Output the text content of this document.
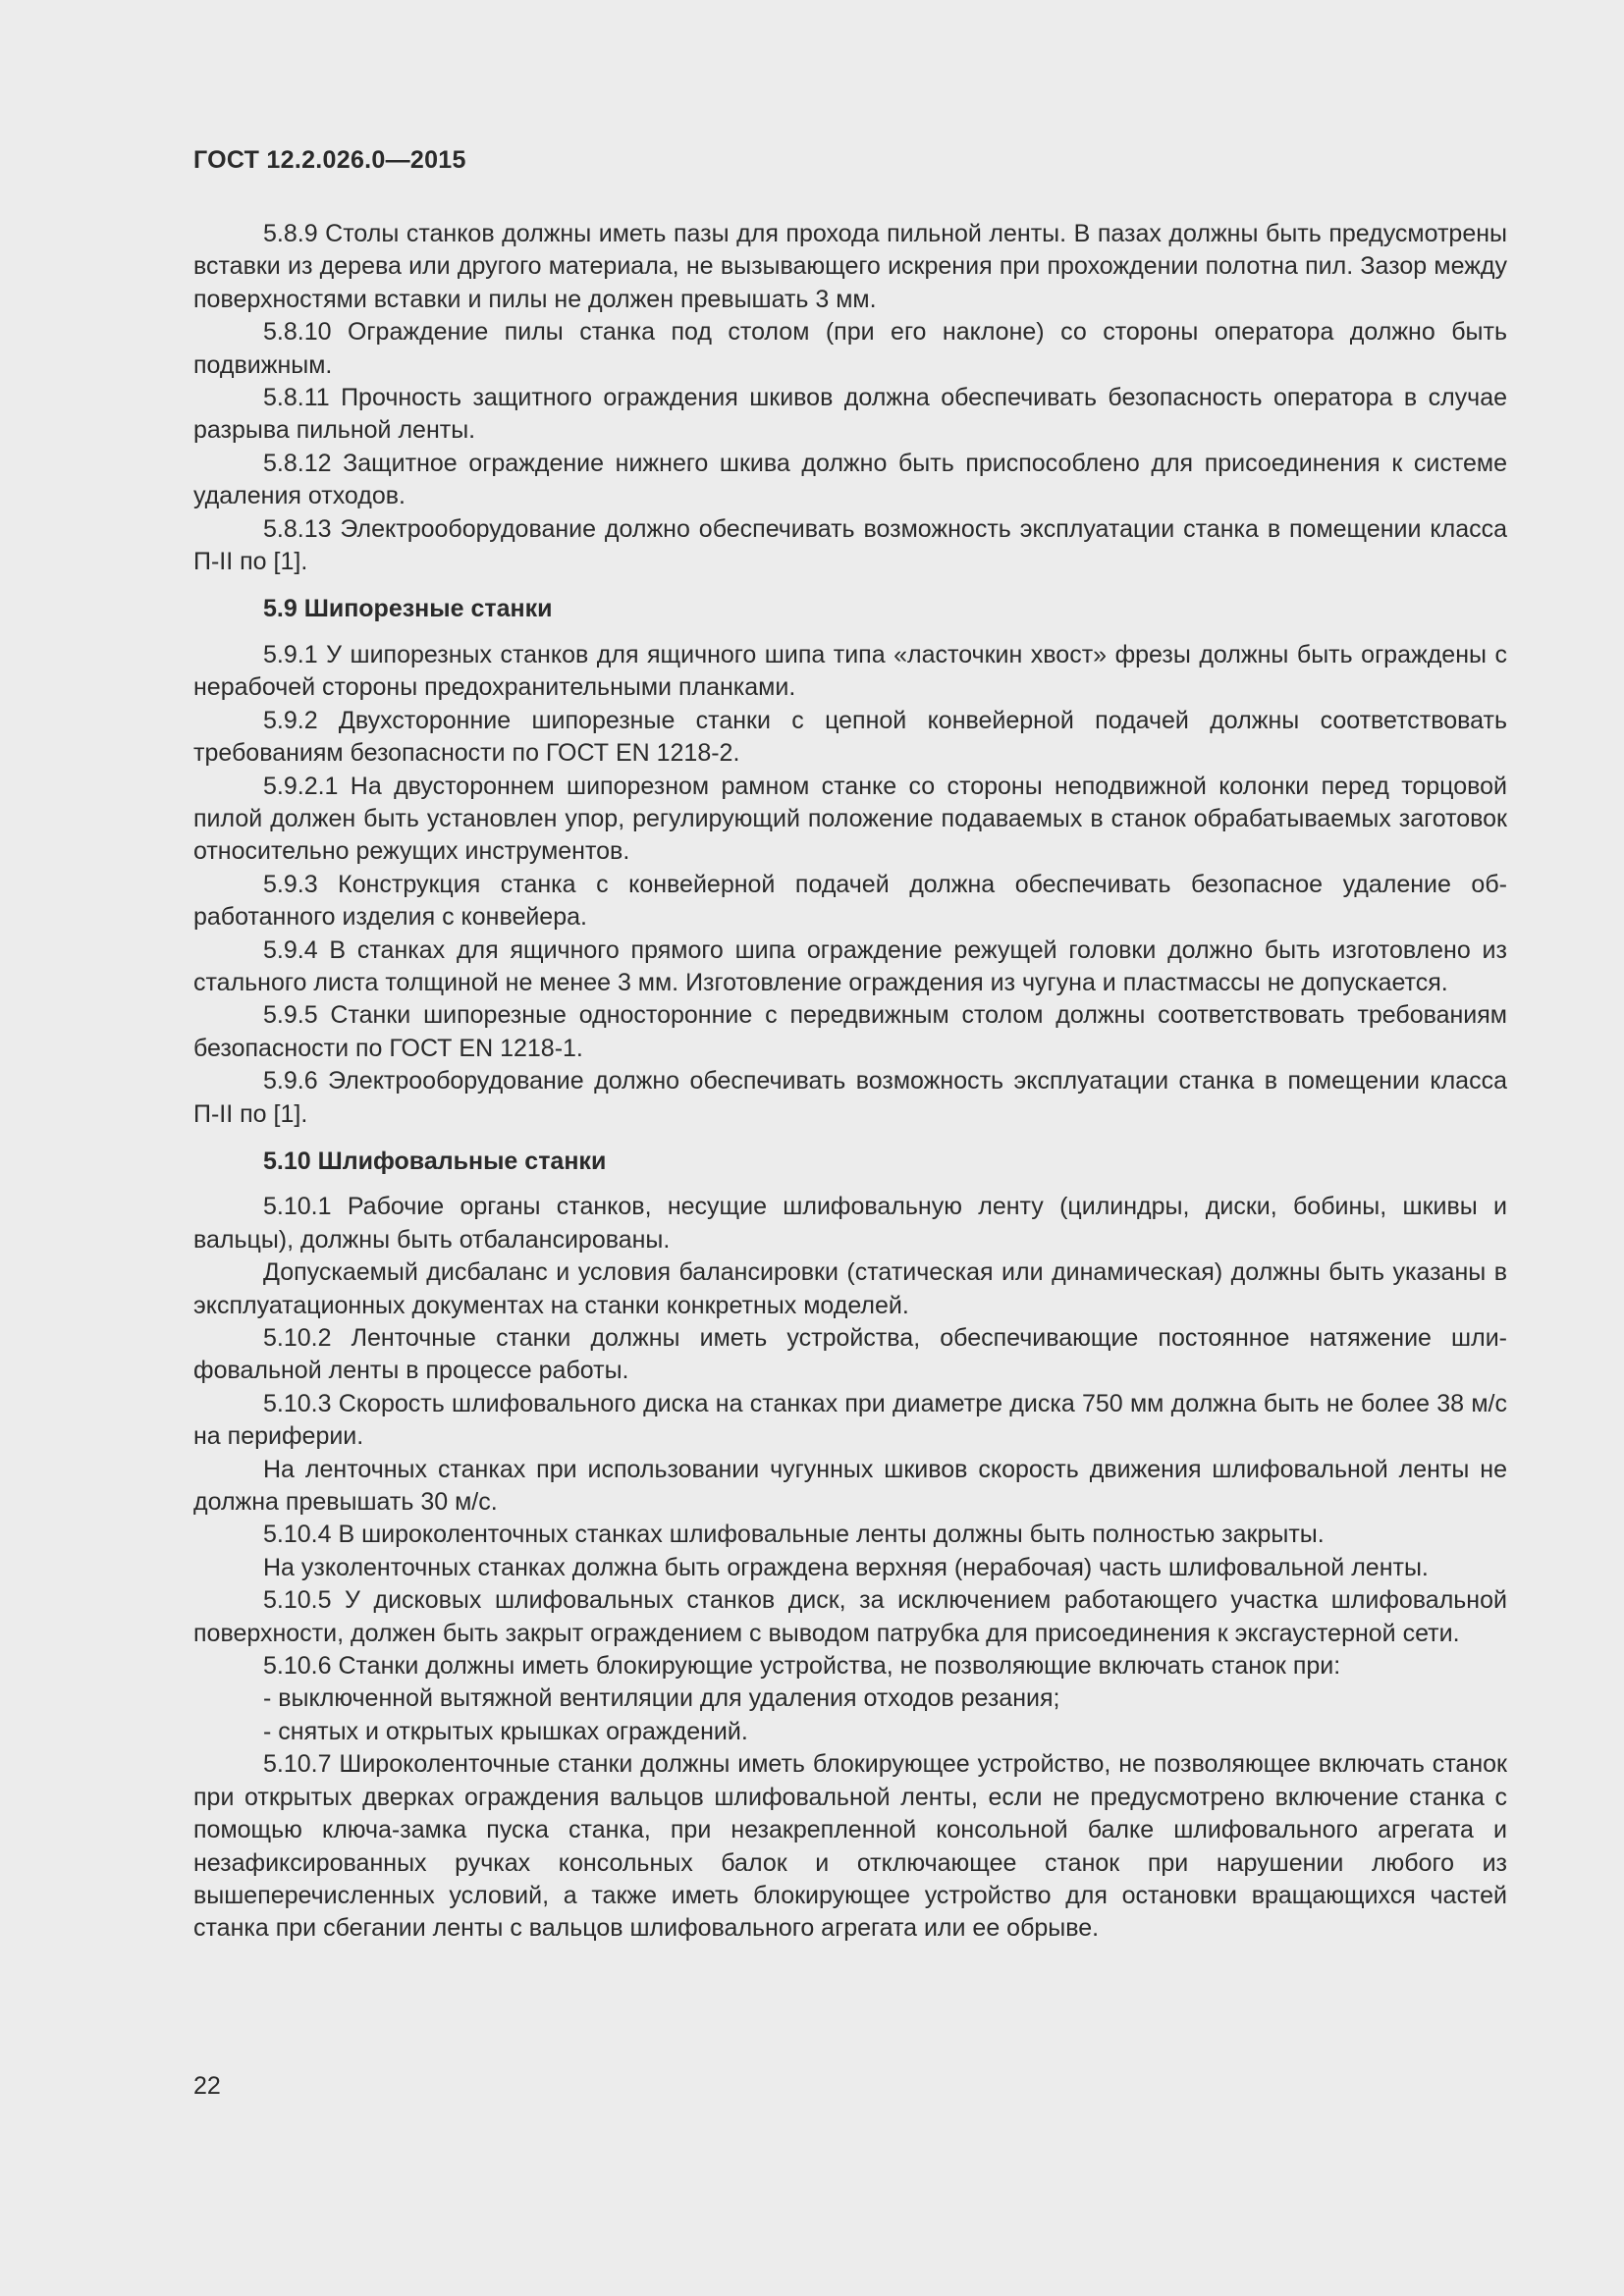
ГОСТ 12.2.026.0—2015
5.8.9 Столы станков должны иметь пазы для прохода пильной ленты. В пазах должны быть предусмотрены вставки из дерева или другого материала, не вызывающего искрения при прохождении полотна пил. Зазор между поверхностями вставки и пилы не должен превышать 3 мм.
5.8.10 Ограждение пилы станка под столом (при его наклоне) со стороны оператора должно быть подвижным.
5.8.11 Прочность защитного ограждения шкивов должна обеспечивать безопасность оператора в случае разрыва пильной ленты.
5.8.12 Защитное ограждение нижнего шкива должно быть приспособлено для присоединения к системе удаления отходов.
5.8.13 Электрооборудование должно обеспечивать возможность эксплуатации станка в помещении класса П-II по [1].
5.9 Шипорезные станки
5.9.1 У шипорезных станков для ящичного шипа типа «ласточкин хвост» фрезы должны быть ограждены с нерабочей стороны предохранительными планками.
5.9.2 Двухсторонние шипорезные станки с цепной конвейерной подачей должны соответствовать требованиям безопасности по ГОСТ EN 1218-2.
5.9.2.1 На двустороннем шипорезном рамном станке со стороны неподвижной колонки перед торцовой пилой должен быть установлен упор, регулирующий положение подаваемых в станок обрабатываемых заготовок относительно режущих инструментов.
5.9.3 Конструкция станка с конвейерной подачей должна обеспечивать безопасное удаление обработанного изделия с конвейера.
5.9.4 В станках для ящичного прямого шипа ограждение режущей головки должно быть изготовлено из стального листа толщиной не менее 3 мм. Изготовление ограждения из чугуна и пластмассы не допускается.
5.9.5 Станки шипорезные односторонние с передвижным столом должны соответствовать требованиям безопасности по ГОСТ EN 1218-1.
5.9.6 Электрооборудование должно обеспечивать возможность эксплуатации станка в помещении класса П-II по [1].
5.10 Шлифовальные станки
5.10.1 Рабочие органы станков, несущие шлифовальную ленту (цилиндры, диски, бобины, шкивы и вальцы), должны быть отбалансированы.
Допускаемый дисбаланс и условия балансировки (статическая или динамическая) должны быть указаны в эксплуатационных документах на станки конкретных моделей.
5.10.2 Ленточные станки должны иметь устройства, обеспечивающие постоянное натяжение шлифовальной ленты в процессе работы.
5.10.3 Скорость шлифовального диска на станках при диаметре диска 750 мм должна быть не более 38 м/с на периферии.
На ленточных станках при использовании чугунных шкивов скорость движения шлифовальной ленты не должна превышать 30 м/с.
5.10.4 В широколенточных станках шлифовальные ленты должны быть полностью закрыты.
На узколенточных станках должна быть ограждена верхняя (нерабочая) часть шлифовальной ленты.
5.10.5 У дисковых шлифовальных станков диск, за исключением работающего участка шлифовальной поверхности, должен быть закрыт ограждением с выводом патрубка для присоединения к эксгаустерной сети.
5.10.6 Станки должны иметь блокирующие устройства, не позволяющие включать станок при:
- выключенной вытяжной вентиляции для удаления отходов резания;
- снятых и открытых крышках ограждений.
5.10.7 Широколенточные станки должны иметь блокирующее устройство, не позволяющее включать станок при открытых дверках ограждения вальцов шлифовальной ленты, если не предусмотрено включение станка с помощью ключа-замка пуска станка, при незакрепленной консольной балке шлифовального агрегата и незафиксированных ручках консольных балок и отключающее станок при нарушении любого из вышеперечисленных условий, а также иметь блокирующее устройство для остановки вращающихся частей станка при сбегании ленты с вальцов шлифовального агрегата или ее обрыве.
22
